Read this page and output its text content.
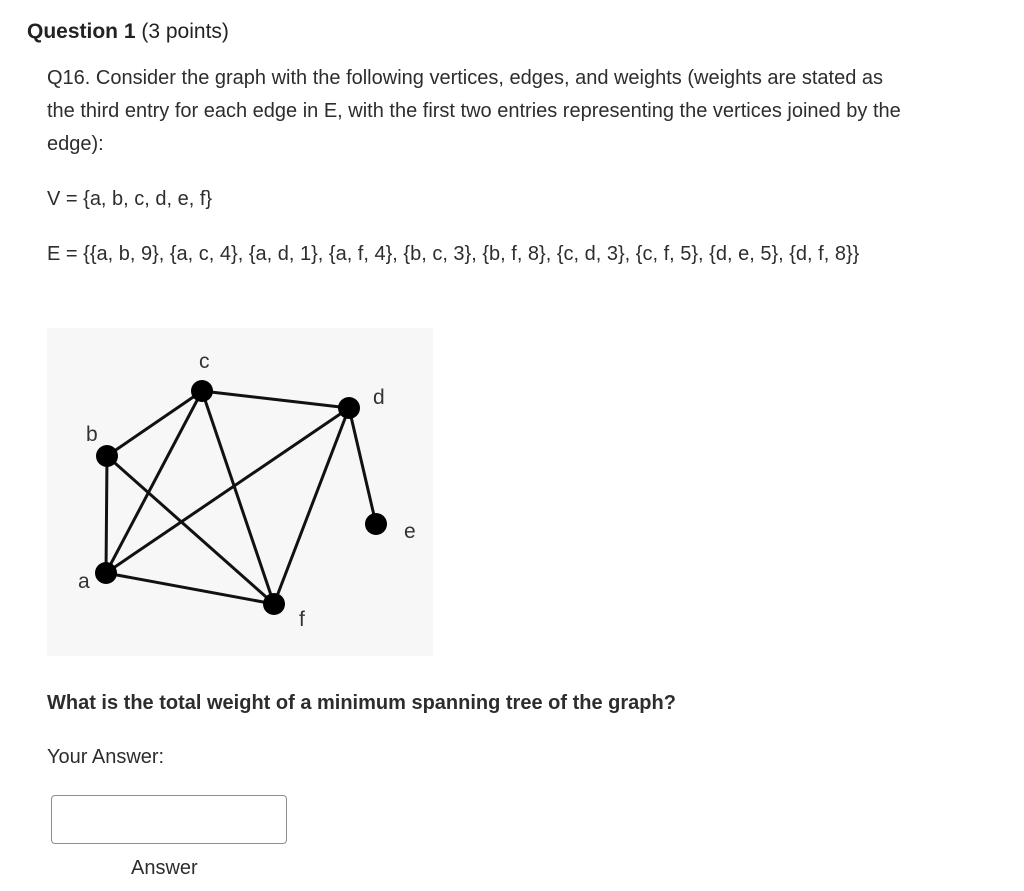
Question 1 (3 points)

Q16. Consider the graph with the following vertices, edges, and weights (weights are stated as the third entry for each edge in E, with the first two entries representing the vertices joined by the edge):

V = {a, b, c, d, e, f}

E = {{a, b, 9}, {a, c, 4}, {a, d, 1}, {a, f, 4}, {b, c, 3}, {b, f, 8}, {c, d, 3}, {c, f, 5}, {d, e, 5}, {d, f, 8}}

a
b
c
d
e
f
What is the total weight of a minimum spanning tree of the graph?
Your Answer:
Answer
